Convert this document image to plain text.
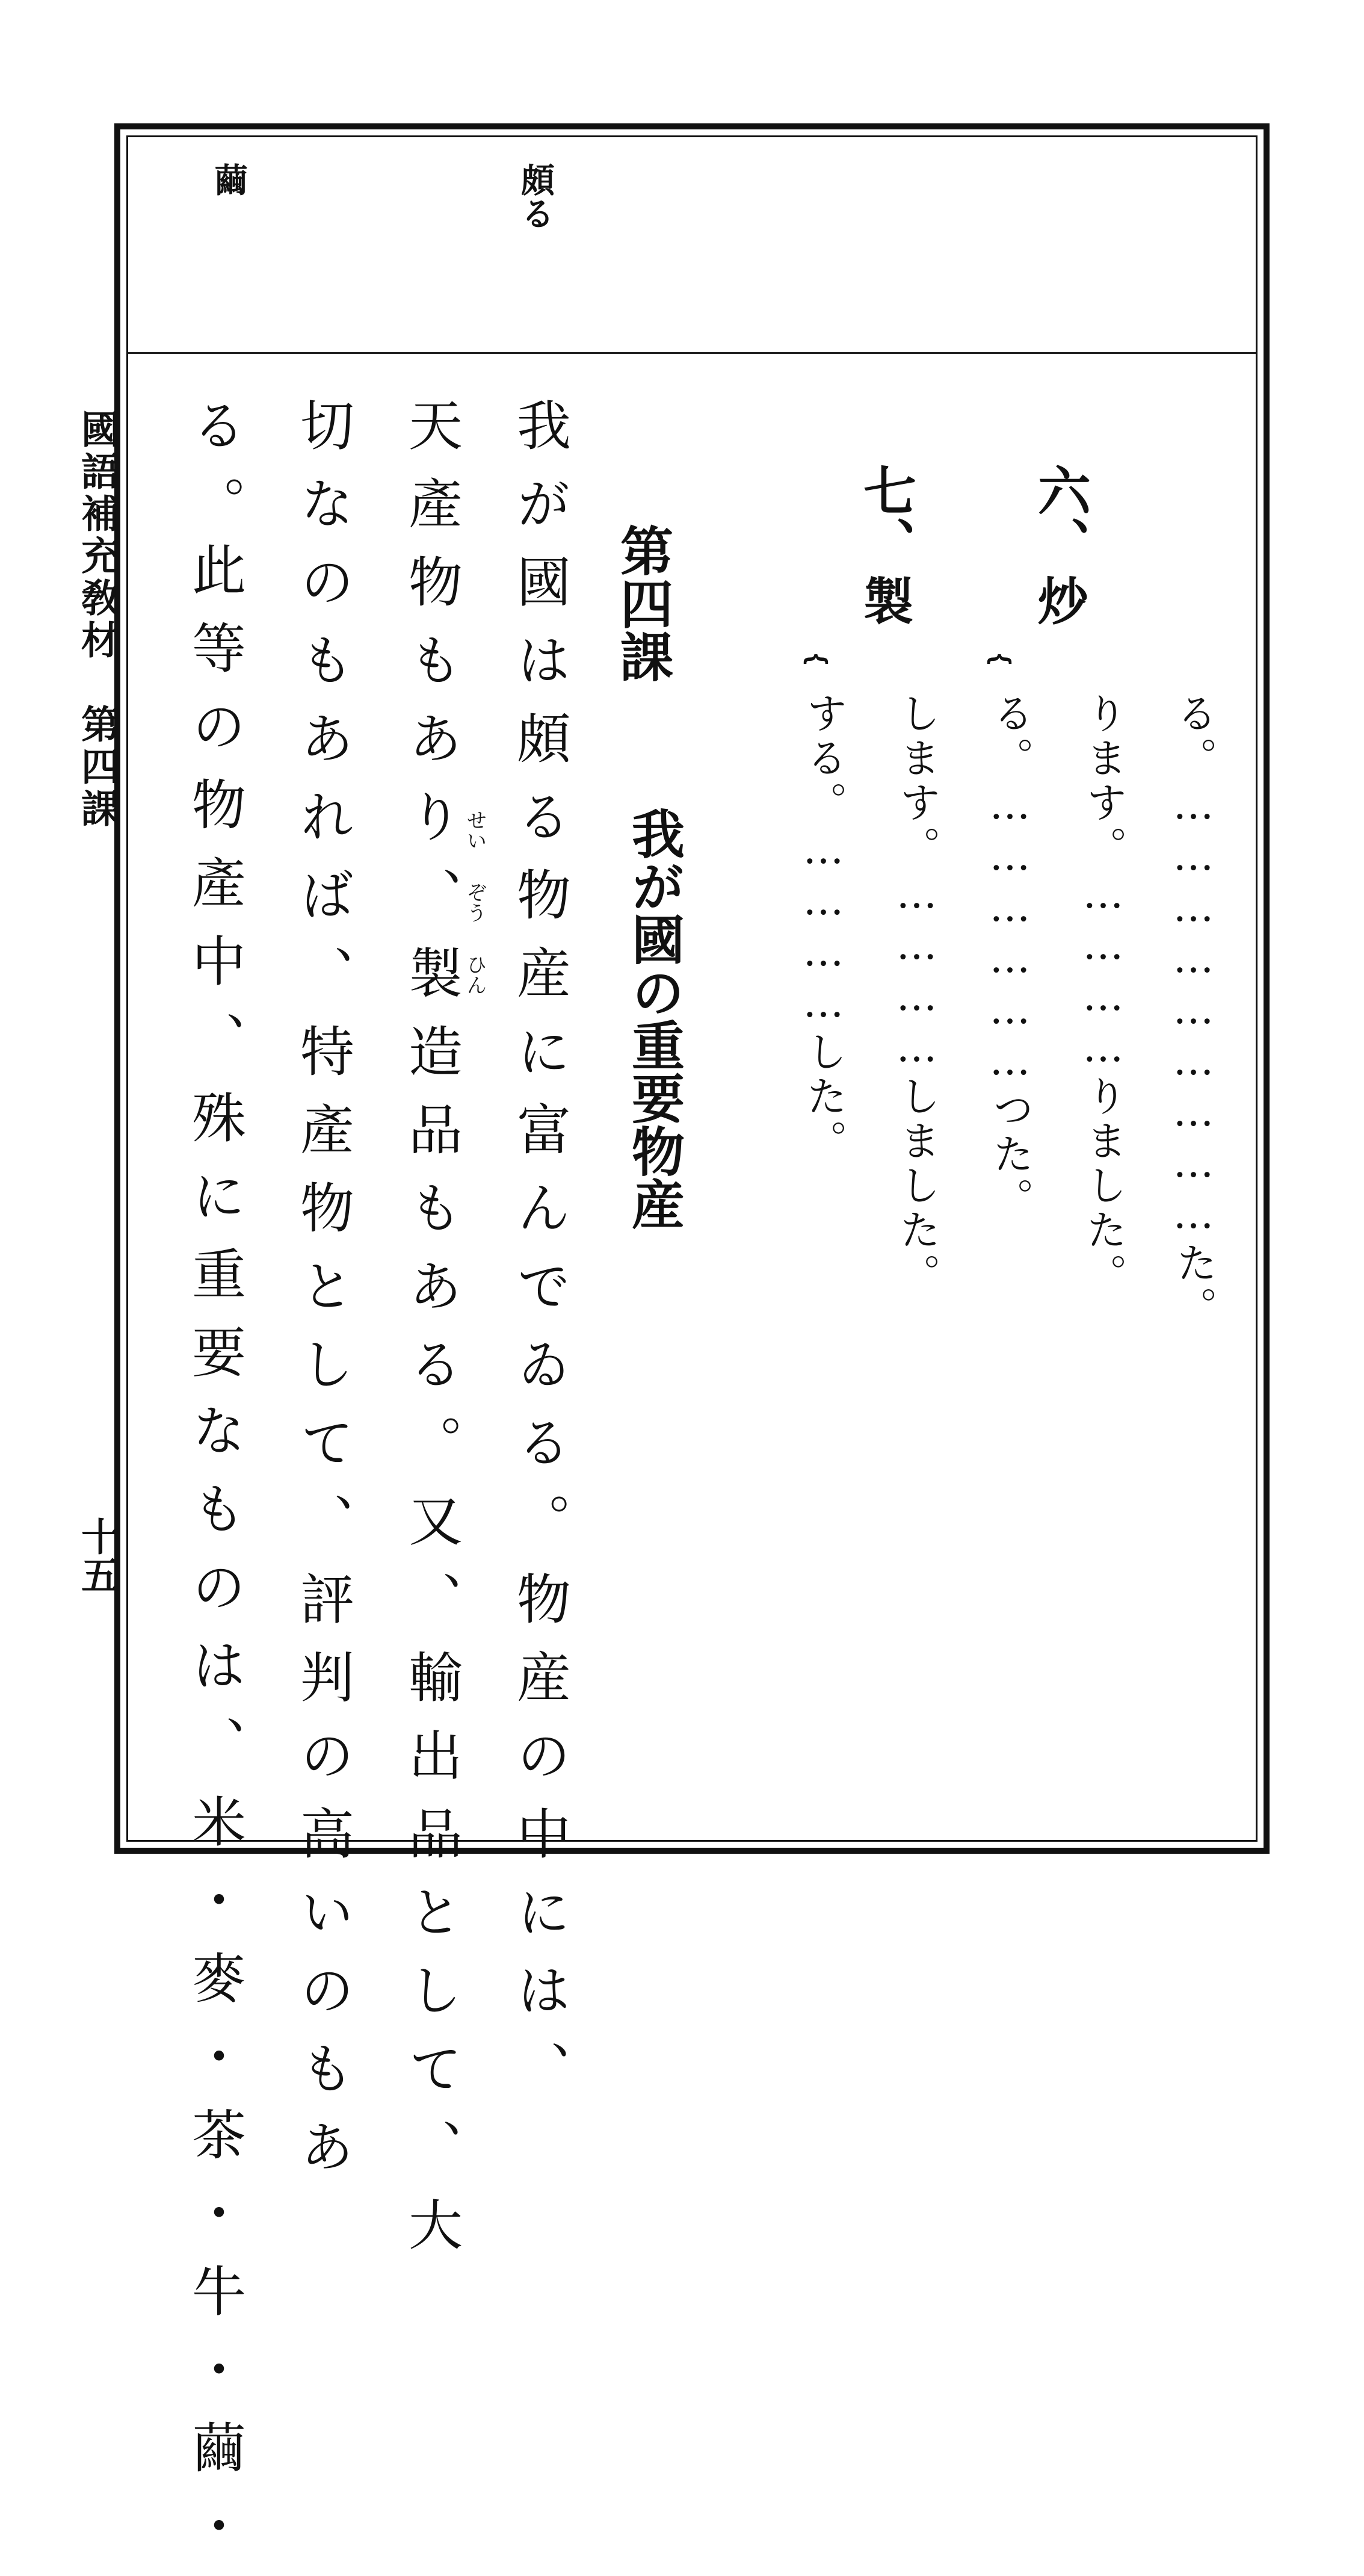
國語補充敎材　第四課
十五
頗る
繭
六、
炒
⏞
る。………………………た。
ります。…………りました。
る。………………つた。
七、
製
⏞
します。…………しました。
する。…………した。
第四課
我が國の重要物産
我が國は頗る物産に富んでゐる。物産の中には、
天產物もあり、製造品もある。又、輸出品として、大
切なのもあれば、特產物として、評判の高いのもあ
る。
此等の物產中、殊に重要なものは、米・麥・茶・牛・繭・	せい
ぞう
ひん
